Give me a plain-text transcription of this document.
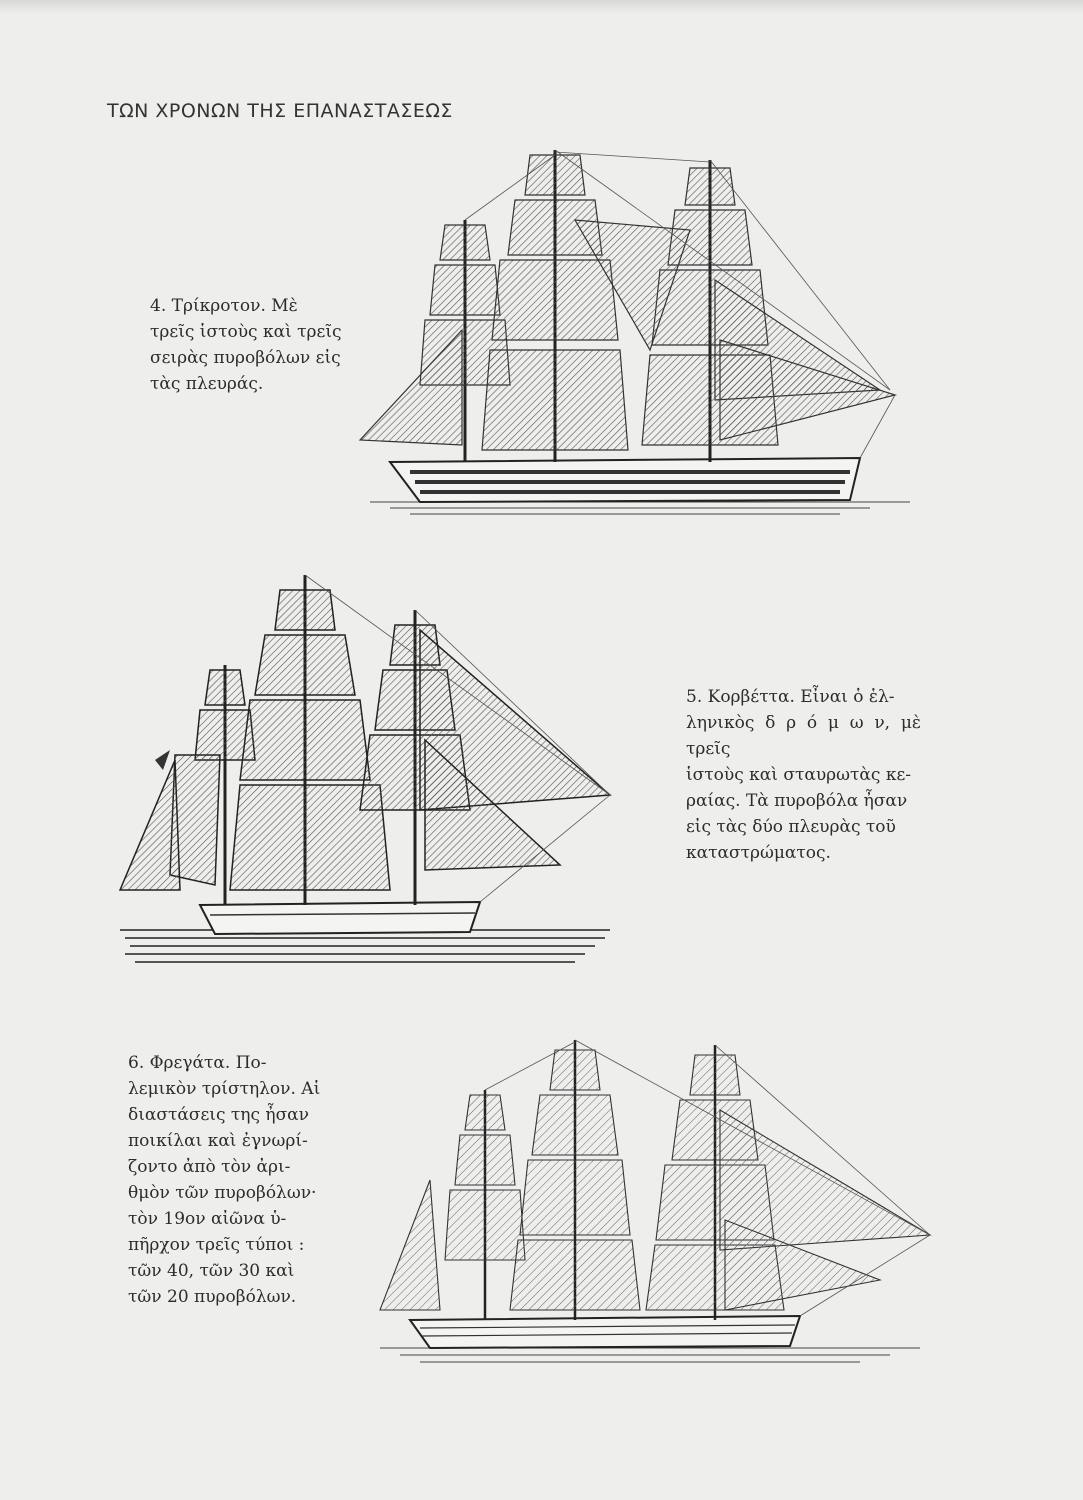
ΤΩΝ ΧΡΟΝΩΝ ΤΗΣ ΕΠΑΝΑΣΤΑΣΕΩΣ

4. Τρίκροτον. Μὲ

τρεῖς ἱστοὺς καὶ τρεῖς

σειρὰς πυροβόλων εἰς

τὰς πλευράς.

5. Κορβέττα. Εἶναι ὁ ἑλ-

ληνικὸς δ ρ ό μ ω ν, μὲ τρεῖς

ἱστοὺς καὶ σταυρωτὰς κε-

ραίας. Τὰ πυροβόλα ἦσαν

εἰς τὰς δύο πλευρὰς τοῦ

καταστρώματος.

6. Φρεγάτα. Πο-

λεμικὸν τρίστηλον. Αἱ

διαστάσεις της ἦσαν

ποικίλαι καὶ ἐγνωρί-

ζοντο ἀπὸ τὸν ἀρι-

θμὸν τῶν πυροβόλων·

τὸν 19ον αἰῶνα ὑ-

πῆρχον τρεῖς τύποι :

τῶν 40, τῶν 30 καὶ

τῶν 20 πυροβόλων.
